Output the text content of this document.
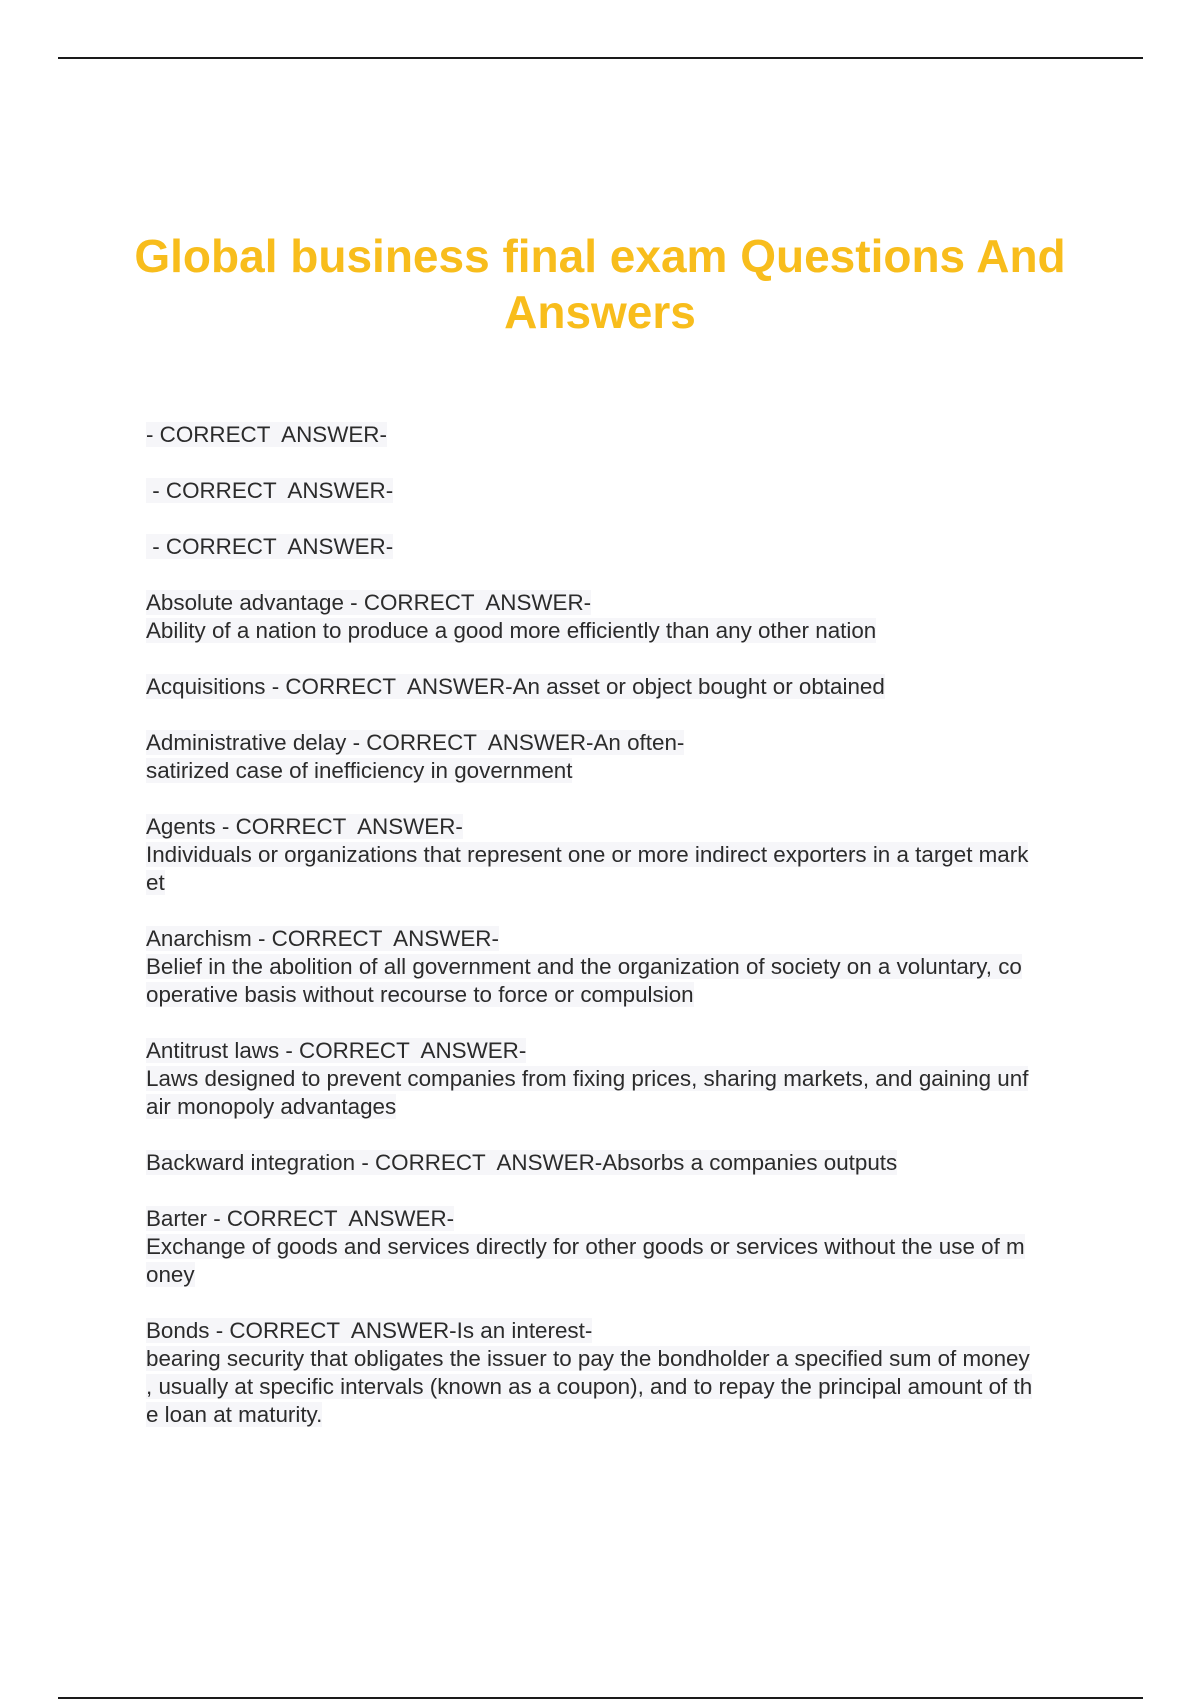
Global business final exam Questions And Answers

- CORRECT  ANSWER-

- CORRECT  ANSWER-

- CORRECT  ANSWER-

Absolute advantage - CORRECT  ANSWER-
Ability of a nation to produce a good more efficiently than any other nation

Acquisitions - CORRECT  ANSWER-An asset or object bought or obtained

Administrative delay - CORRECT  ANSWER-An often-
satirized case of inefficiency in government

Agents - CORRECT  ANSWER-
Individuals or organizations that represent one or more indirect exporters in a target mark
et

Anarchism - CORRECT  ANSWER-
Belief in the abolition of all government and the organization of society on a voluntary, co
operative basis without recourse to force or compulsion

Antitrust laws - CORRECT  ANSWER-
Laws designed to prevent companies from fixing prices, sharing markets, and gaining unf
air monopoly advantages

Backward integration - CORRECT  ANSWER-Absorbs a companies outputs

Barter - CORRECT  ANSWER-
Exchange of goods and services directly for other goods or services without the use of m
oney

Bonds - CORRECT  ANSWER-Is an interest-
bearing security that obligates the issuer to pay the bondholder a specified sum of money
, usually at specific intervals (known as a coupon), and to repay the principal amount of th
e loan at maturity.
